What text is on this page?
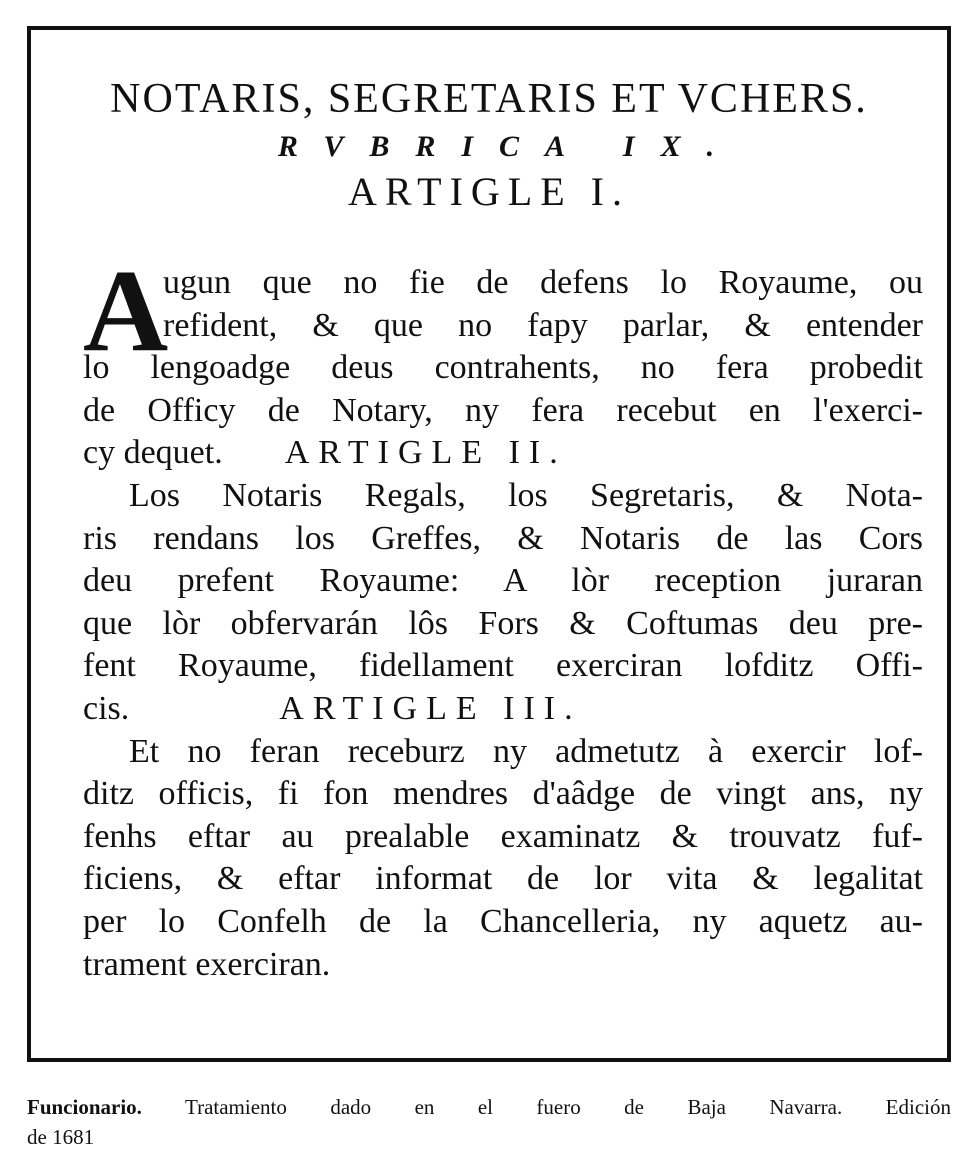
NOTARIS, SEGRETARIS ET VCHERS.
RVBRICA IX.
ARTIGLE I.
A
ugun que no fie de defens lo Royaume, ou
refident, & que no fapy parlar, & entender
lo lengoadge deus contrahents, no fera probedit
de Officy de Notary, ny fera recebut en l'exerci-
cy dequet. ARTIGLE II.
Los Notaris Regals, los Segretaris, & Nota-
ris rendans los Greffes, & Notaris de las Cors
deu prefent Royaume: A lòr reception juraran
que lòr obfervarán lôs Fors & Coftumas deu pre-
fent Royaume, fidellament exerciran lofditz Offi-
cis.	ARTIGLE III.
Et no feran receburz ny admetutz à exercir lof-
ditz officis, fi fon mendres d'aâdge de vingt ans, ny
fenhs eftar au prealable examinatz & trouvatz fuf-
ficiens, & eftar informat de lor vita & legalitat
per lo Confelh de la Chancelleria, ny aquetz au-
trament exerciran.
Funcionario. Tratamiento dado en el fuero de Baja Navarra. Edición
de 1681
